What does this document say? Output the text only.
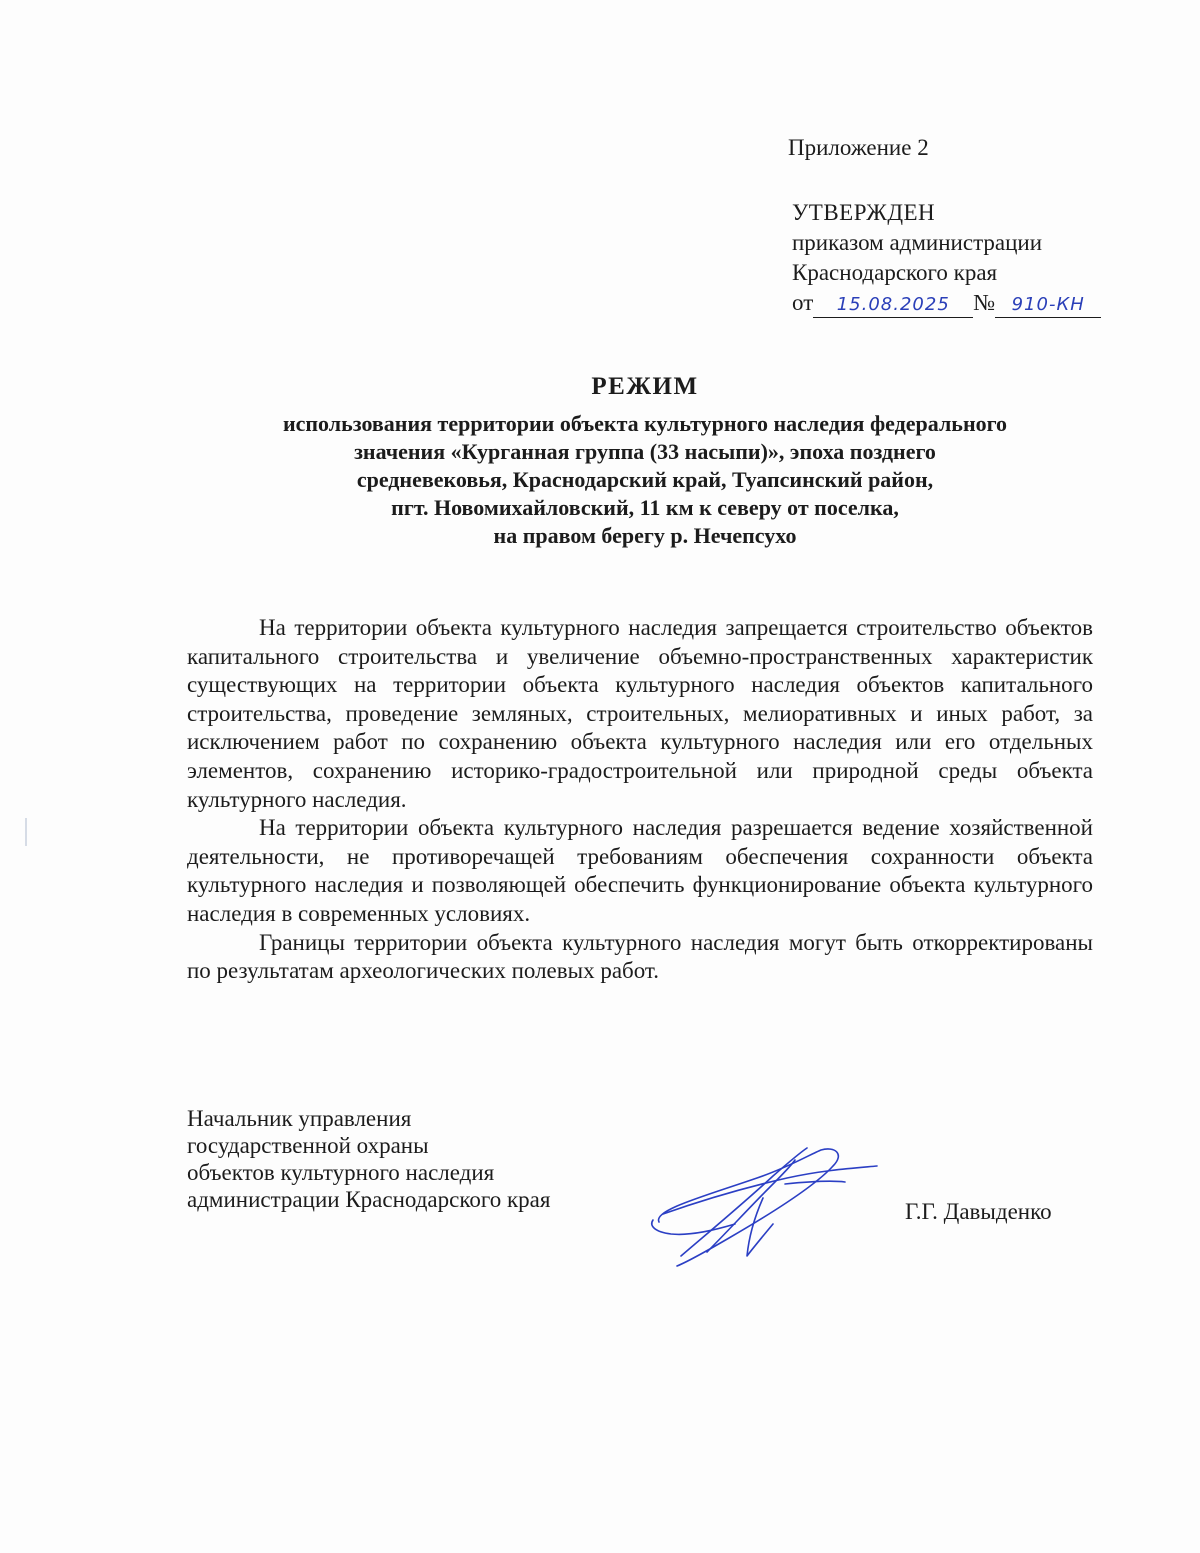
Приложение 2
УТВЕРЖДЕН
приказом администрации
Краснодарского края
от	15.08.2025	№ 910-КН
РЕЖИМ
использования территории объекта культурного наследия федерального
значения «Курганная группа (33 насыпи)», эпоха позднего
средневековья, Краснодарский край, Туапсинский район,
пгт. Новомихайловский, 11 км к северу от поселка,
на правом берегу р. Нечепсухо

На территории объекта культурного наследия запрещается строительство объектов капитального строительства и увеличение объемно-пространственных характеристик существующих на территории объекта культурного наследия объектов капитального строительства, проведение земляных, строительных, мелиоративных и иных работ, за исключением работ по сохранению объекта культурного наследия или его отдельных элементов, сохранению историко-градостроительной или природной среды объекта культурного наследия.

На территории объекта культурного наследия разрешается ведение хозяйственной деятельности, не противоречащей требованиям обеспечения сохранности объекта культурного наследия и позволяющей обеспечить функционирование объекта культурного наследия в современных условиях.

Границы территории объекта культурного наследия могут быть откорректированы по результатам археологических полевых работ.

Начальник управления
государственной охраны
объектов культурного наследия
администрации Краснодарского края	Г.Г. Давыденко
